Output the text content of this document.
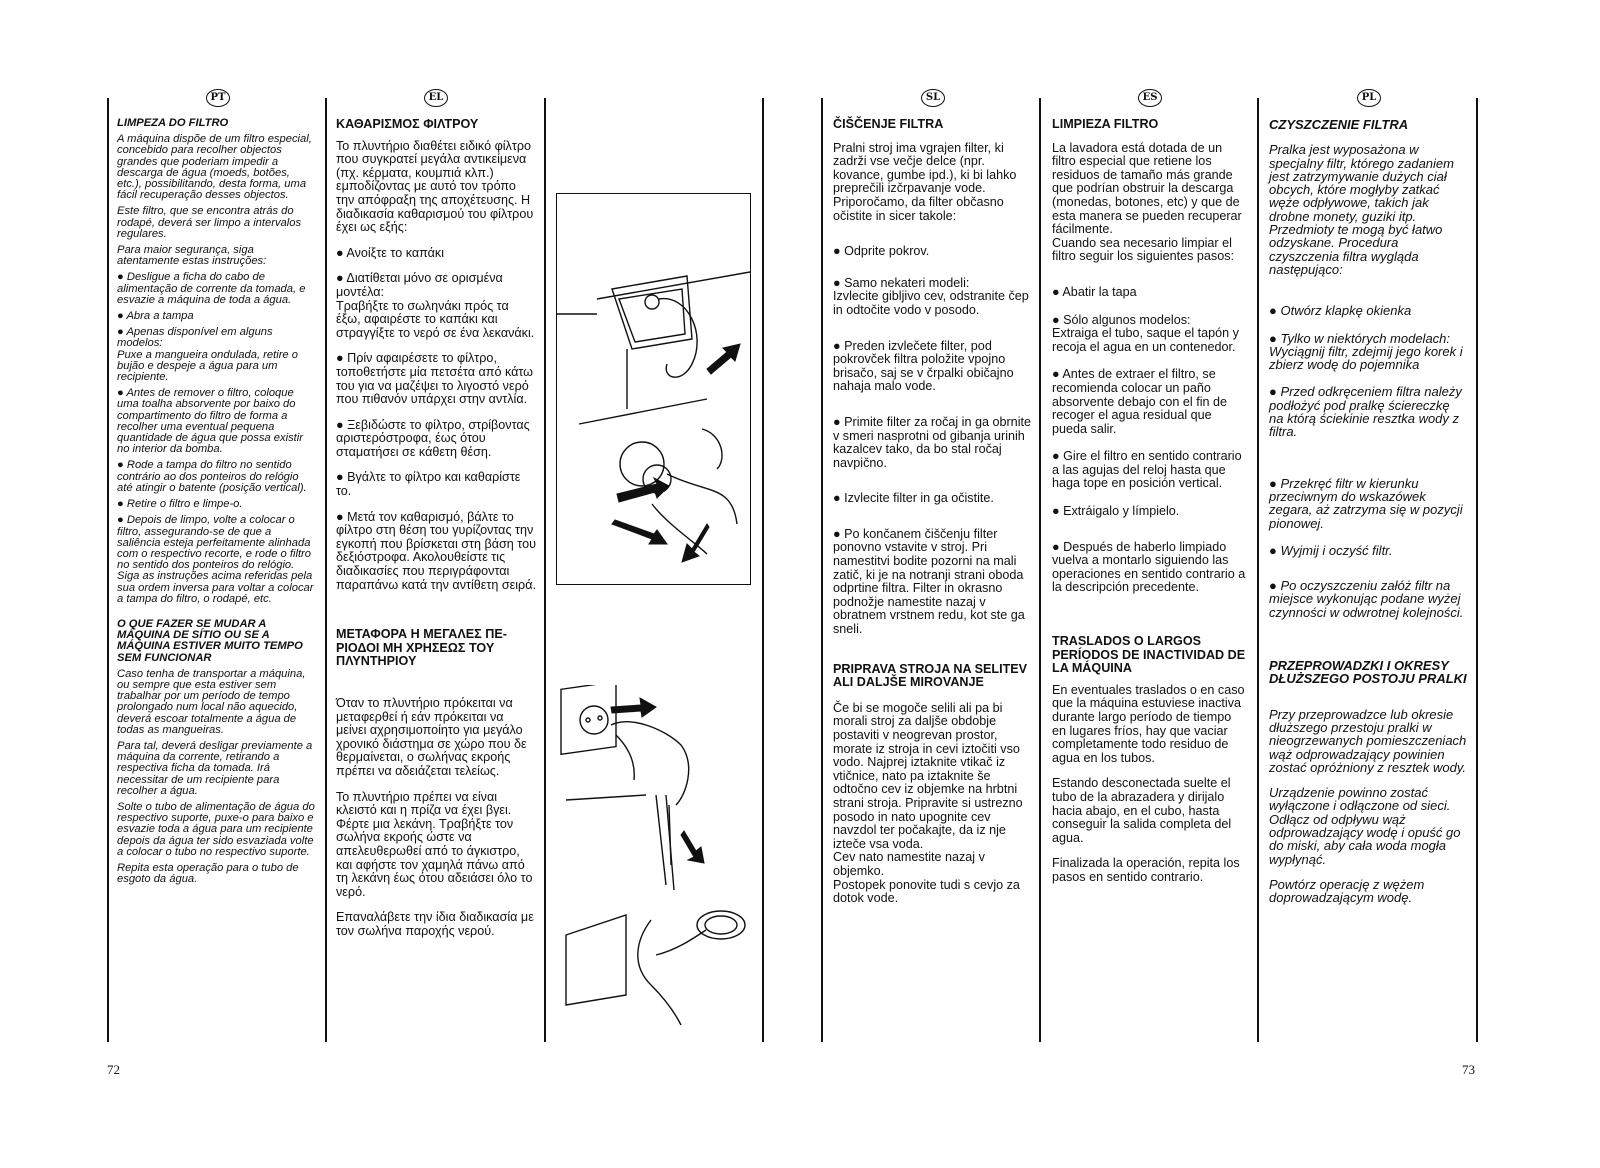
PT	EL	SL	ES	PL

LIMPEZA DO FILTRO

A máquina dispõe de um filtro especial, concebido para recolher objectos grandes que poderiam impedir a descarga de água (moeds, botões, etc.), possibilitando, desta forma, uma fácil recuperação desses objectos.

Este filtro, que se encontra atrás do rodapé, deverá ser limpo a intervalos regulares.

Para maior segurança, siga atentamente estas instruções:

● Desligue a ficha do cabo de alimentação de corrente da tomada, e esvazie a máquina de toda a água.

● Abra a tampa

● Apenas disponível em alguns modelos:
Puxe a mangueira ondulada, retire o bujão e despeje a água para um recipiente.

● Antes de remover o filtro, coloque uma toalha absorvente por baixo do compartimento do filtro de forma a recolher uma eventual pequena quantidade de água que possa existir no interior da bomba.

● Rode a tampa do filtro no sentido contrário ao dos ponteiros do relógio até atingir o batente (posição vertical).

● Retire o filtro e limpe-o.

● Depois de limpo, volte a colocar o filtro, assegurando-se de que a saliência esteja perfeitamente alinhada com o respectivo recorte, e rode o filtro no sentido dos ponteiros do relógio. Siga as instruções acima referidas pela sua ordem inversa para voltar a colocar a tampa do filtro, o rodapé, etc.

O QUE FAZER SE MUDAR A MÁQUINA DE SÍTIO OU SE A MÁQUINA ESTIVER MUITO TEMPO SEM FUNCIONAR

Caso tenha de transportar a máquina, ou sempre que esta estiver sem trabalhar por um período de tempo prolongado num local não aquecido, deverá escoar totalmente a água de todas as mangueiras.

Para tal, deverá desligar previamente a máquina da corrente, retirando a respectiva ficha da tomada. Irá necessitar de um recipiente para recolher a água.

Solte o tubo de alimentação de água do respectivo suporte, puxe-o para baixo e esvazie toda a água para um recipiente depois da água ter sido esvaziada volte a colocar o tubo no respectivo suporte.

Repita esta operação para o tubo de esgoto da água.

ΚΑΘΑΡΙΣΜΟΣ ΦΙΛΤΡΟΥ

Το πλυντήριο διαθέτει ειδικό φίλτρο που συγκρατεί μεγάλα αντικείμενα (πχ. κέρματα, κουμπιά κλπ.) εμποδίζοντας με αυτό τον τρόπο την απόφραξη της αποχέτευσης. Η διαδικασία καθαρισμού του φίλτρου έχει ως εξής:

● Ανοίξτε το καπάκι

● Διατίθεται μόνο σε ορισμένα μοντέλα:
Τραβήξτε το σωληνάκι πρός τα έξω, αφαιρέστε το καπάκι και στραγγίξτε το νερό σε ένα λεκανάκι.

● Πρίν αφαιρέσετε το φίλτρο, τοποθετήστε μία πετσέτα από κάτω του για να μαζέψει το λιγοστό νερό που πιθανόν υπάρχει στην αντλία.

● Ξεβιδώστε το φίλτρο, στρίβοντας αριστερόστροφα, έως ότου σταματήσει σε κάθετη θέση.

● Βγάλτε το φίλτρο και καθαρίστε το.

● Μετά τον καθαρισμό, βάλτε το φίλτρο στη θέση του γυρίζοντας την εγκοπή που βρίσκεται στη βάση του δεξιόστροφα. Ακολουθείστε τις διαδικασίες που περιγράφονται παραπάνω κατά την αντίθετη σειρά.

ΜΕΤΑΦΟΡΑ Η ΜΕΓΑΛΕΣ ΠΕ-ΡΙΟΔΟΙ ΜΗ ΧΡΗΣΕΩΣ ΤΟΥ ΠΛΥΝΤΗΡΙΟΥ

Όταν το πλυντήριο πρόκειται να μεταφερθεί ή εάν πρόκειται να μείνει αχρησιμοποίητο για μεγάλο χρονικό διάστημα σε χώρο που δε θερμαίνεται, ο σωλήνας εκροής πρέπει να αδειάζεται τελείως.

Το πλυντήριο πρέπει να είναι κλειστό και η πρίζα να έχει βγει. Φέρτε μια λεκάνη. Τραβήξτε τον σωλήνα εκροής ώστε να απελευθερωθεί από το άγκιστρο, και αφήστε τον χαμηλά πάνω από τη λεκάνη έως ότου αδειάσει όλο το νερό.

Επαναλάβετε την ίδια διαδικασία με τον σωλήνα παροχής νερού.

ČIŠČENJE FILTRA

Pralni stroj ima vgrajen filter, ki zadrži vse večje delce (npr. kovance, gumbe ipd.), ki bi lahko preprečili izčrpavanje vode. Priporočamo, da filter občasno očistite in sicer takole:

● Odprite pokrov.

● Samo nekateri modeli:
Izvlecite gibljivo cev, odstranite čep in odtočite vodo v posodo.

● Preden izvlečete filter, pod pokrovček filtra položite vpojno brisačo, saj se v črpalki običajno nahaja malo vode.

● Primite filter za ročaj in ga obrnite v smeri nasprotni od gibanja urinih kazalcev tako, da bo stal ročaj navpično.

● Izvlecite filter in ga očistite.

● Po končanem čiščenju filter ponovno vstavite v stroj. Pri namestitvi bodite pozorni na mali zatič, ki je na notranji strani oboda odprtine filtra. Filter in okrasno podnožje namestite nazaj v obratnem vrstnem redu, kot ste ga sneli.

PRIPRAVA STROJA NA SELITEV ALI DALJŠE MIROVANJE

Če bi se mogoče selili ali pa bi morali stroj za daljše obdobje postaviti v neogrevan prostor, morate iz stroja in cevi iztočiti vso vodo. Najprej iztaknite vtikač iz vtičnice, nato pa iztaknite še odtočno cev iz objemke na hrbtni strani stroja. Pripravite si ustrezno posodo in nato upognite cev navzdol ter počakajte, da iz nje izteče vsa voda.
Cev nato namestite nazaj v objemko.
Postopek ponovite tudi s cevjo za dotok vode.

LIMPIEZA FILTRO

La lavadora está dotada de un filtro especial que retiene los residuos de tamaño más grande que podrían obstruir la descarga (monedas, botones, etc) y que de esta manera se pueden recuperar fácilmente.
Cuando sea necesario limpiar el filtro seguir los siguientes pasos:

● Abatir la tapa

● Sólo algunos modelos:
Extraiga el tubo, saque el tapón y recoja el agua en un contenedor.

● Antes de extraer el filtro, se recomienda colocar un paño absorvente debajo con el fin de recoger el agua residual que pueda salir.

● Gire el filtro en sentido contrario a las agujas del reloj hasta que haga tope en posición vertical.

● Extráigalo y límpielo.

● Después de haberlo limpiado vuelva a montarlo siguiendo las operaciones en sentido contrario a la descripción precedente.

TRASLADOS O LARGOS PERÍODOS DE INACTIVIDAD DE LA MÁQUINA

En eventuales traslados o en caso que la máquina estuviese inactiva durante largo período de tiempo en lugares fríos, hay que vaciar completamente todo residuo de agua en los tubos.

Estando desconectada suelte el tubo de la abrazadera y dirijalo hacia abajo, en el cubo, hasta conseguir la salida completa del agua.

Finalizada la operación, repita los pasos en sentido contrario.

CZYSZCZENIE FILTRA

Pralka jest wyposażona w specjalny filtr, którego zadaniem jest zatrzymywanie dużych ciał obcych, które mogłyby zatkać węże odpływowe, takich jak drobne monety, guziki itp. Przedmioty te mogą być łatwo odzyskane. Procedura czyszczenia filtra wygląda następująco:

● Otwórz klapkę okienka

● Tylko w niektórych modelach:
Wyciągnij filtr, zdejmij jego korek i zbierz wodę do pojemnika

● Przed odkręceniem filtra należy podłożyć pod pralkę ściereczkę na którą ściekinie resztka wody z filtra.

● Przekręć filtr w kierunku przeciwnym do wskazówek zegara, aż zatrzyma się w pozycji pionowej.

● Wyjmij i oczyść filtr.

● Po oczyszczeniu załóż filtr na miejsce wykonując podane wyżej czynności w odwrotnej kolejności.

PRZEPROWADZKI I OKRESY DŁUŻSZEGO POSTOJU PRALKI

Przy przeprowadzce lub okresie dłuższego przestoju pralki w nieogrzewanych pomieszczeniach wąż odprowadzający powinien zostać opróżniony z resztek wody.

Urządzenie powinno zostać wyłączone i odłączone od sieci.
Odłącz od odpływu wąż odprowadzający wodę i opuść go do miski, aby cała woda mogła wypłynąć.

Powtórz operację z wężem doprowadzającym wodę.

72	73
